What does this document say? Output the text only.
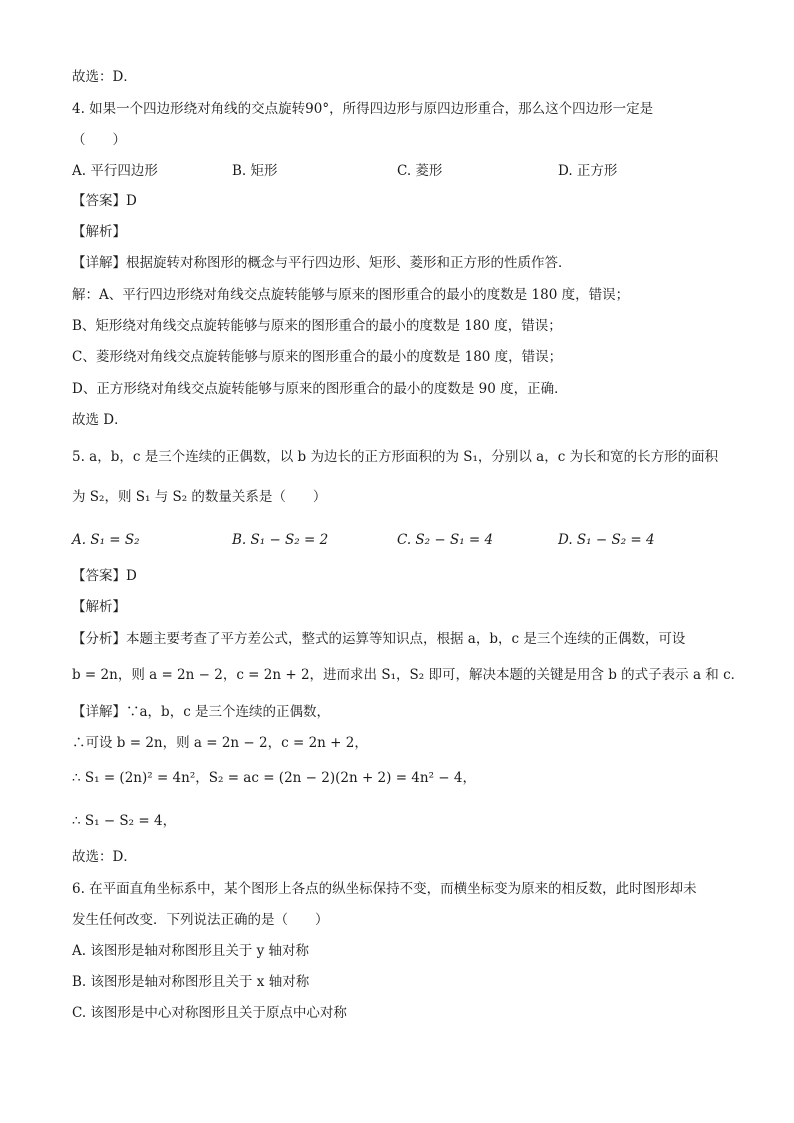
故选：D．
4. 如果一个四边形绕对角线的交点旋转90°，所得四边形与原四边形重合，那么这个四边形一定是
（　　）
A. 平行四边形	B. 矩形	C. 菱形	D. 正方形
【答案】D
【解析】
【详解】根据旋转对称图形的概念与平行四边形、矩形、菱形和正方形的性质作答．
解：A、平行四边形绕对角线交点旋转能够与原来的图形重合的最小的度数是 180 度，错误；
B、矩形绕对角线交点旋转能够与原来的图形重合的最小的度数是 180 度，错误；
C、菱形绕对角线交点旋转能够与原来的图形重合的最小的度数是 180 度，错误；
D、正方形绕对角线交点旋转能够与原来的图形重合的最小的度数是 90 度，正确．
故选 D．
5. a，b，c 是三个连续的正偶数，以 b 为边长的正方形面积的为 S₁，分别以 a，c 为长和宽的长方形的面积
为 S₂，则 S₁ 与 S₂ 的数量关系是（　　）
A. S₁ = S₂	B. S₁ − S₂ = 2	C. S₂ − S₁ = 4	D. S₁ − S₂ = 4
【答案】D
【解析】
【分析】本题主要考查了平方差公式，整式的运算等知识点，根据 a，b，c 是三个连续的正偶数，可设
b = 2n，则 a = 2n − 2，c = 2n + 2，进而求出 S₁，S₂ 即可，解决本题的关键是用含 b 的式子表示 a 和 c．
【详解】∵a，b，c 是三个连续的正偶数，
∴可设 b = 2n，则 a = 2n − 2，c = 2n + 2，
∴ S₁ = (2n)² = 4n²，S₂ = ac = (2n − 2)(2n + 2) = 4n² − 4，
∴ S₁ − S₂ = 4，
故选：D．
6. 在平面直角坐标系中，某个图形上各点的纵坐标保持不变，而横坐标变为原来的相反数，此时图形却未
发生任何改变．下列说法正确的是（　　）
A. 该图形是轴对称图形且关于 y 轴对称
B. 该图形是轴对称图形且关于 x 轴对称
C. 该图形是中心对称图形且关于原点中心对称
